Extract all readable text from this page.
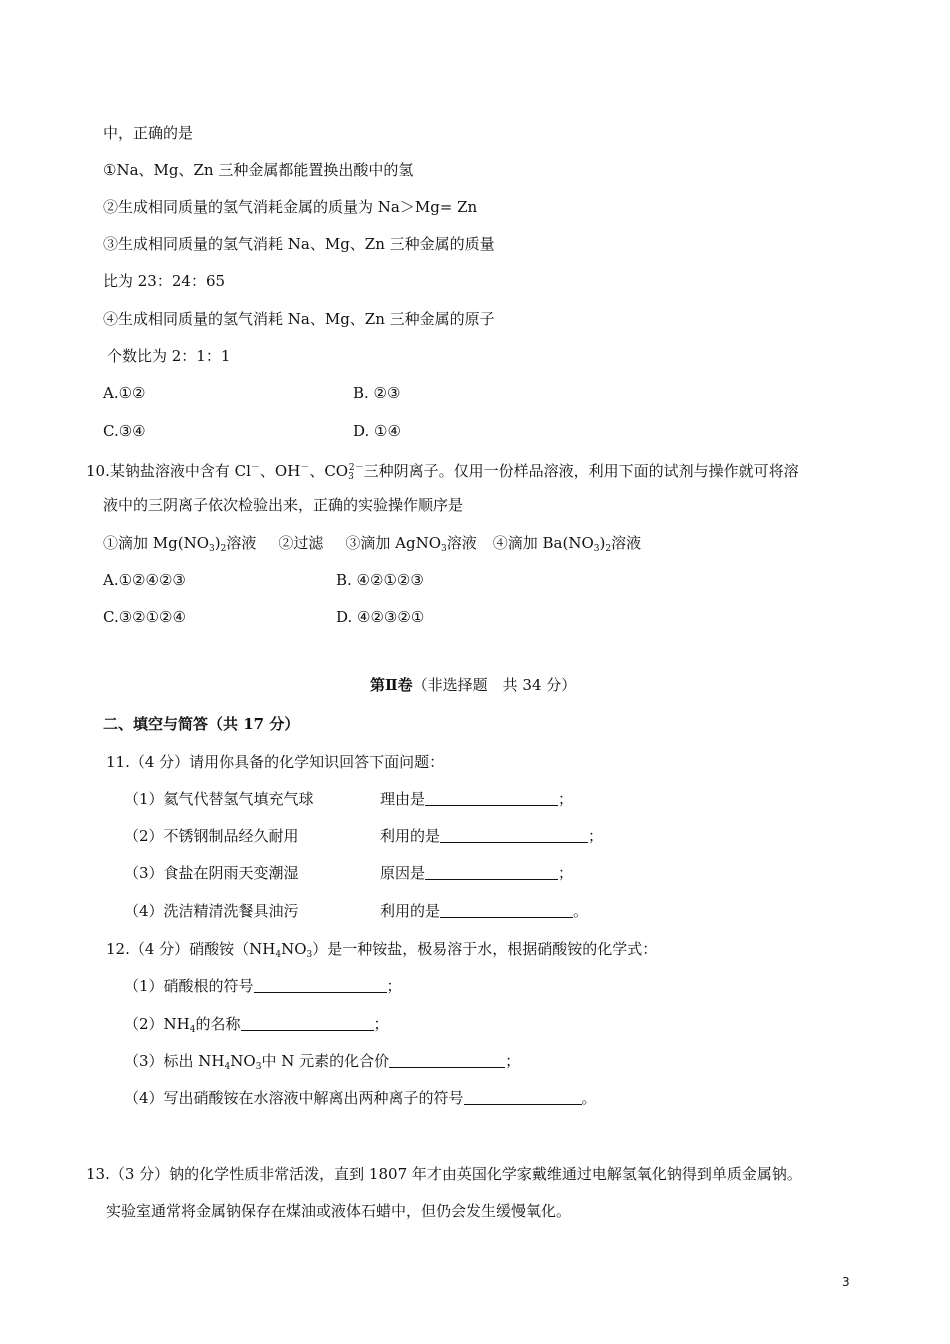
中，正确的是
①Na、Mg、Zn 三种金属都能置换出酸中的氢
②生成相同质量的氢气消耗金属的质量为 Na＞Mg= Zn
③生成相同质量的氢气消耗 Na、Mg、Zn 三种金属的质量
比为 23：24：65
④生成相同质量的氢气消耗 Na、Mg、Zn 三种金属的原子
个数比为 2：1：1
A.①②	B. ②③
C.③④	D. ①④
10.某钠盐溶液中含有 Cl－、OH－、$CO_3^{2-}$三种阴离子。仅用一份样品溶液，利用下面的试剂与操作就可将溶
液中的三阴离子依次检验出来，正确的实验操作顺序是
①滴加 $Mg(NO_3)_2$溶液 ②过滤 ③滴加 AgNO$_3$溶液 ④滴加 $Ba(NO_3)_2$溶液
A.①②④②③	B. ④②①②③
C.③②①②④	D. ④②③②①
第Ⅱ卷（非选择题　共 34 分）
二、填空与简答（共 17 分）
11.（4 分）请用你具备的化学知识回答下面问题：
（1）氦气代替氢气填充气球	理由是	；
（2）不锈钢制品经久耐用	利用的是	；
（3）食盐在阴雨天变潮湿	原因是	；
（4）洗洁精清洗餐具油污	利用的是	。
12.（4 分）硝酸铵$(NH_4NO_3)$是一种铵盐，极易溶于水，根据硝酸铵的化学式：
（1）硝酸根的符号	；
$(2)NH_4$的名称	；
（3）标出 $NH_4NO_3$中 N 元素的化合价	；
（4）写出硝酸铵在水溶液中解离出两种离子的符号	。
13.（3 分）钠的化学性质非常活泼，直到 1807 年才由英国化学家戴维通过电解氢氧化钠得到单质金属钠。
实验室通常将金属钠保存在煤油或液体石蜡中，但仍会发生缓慢氧化。
3
